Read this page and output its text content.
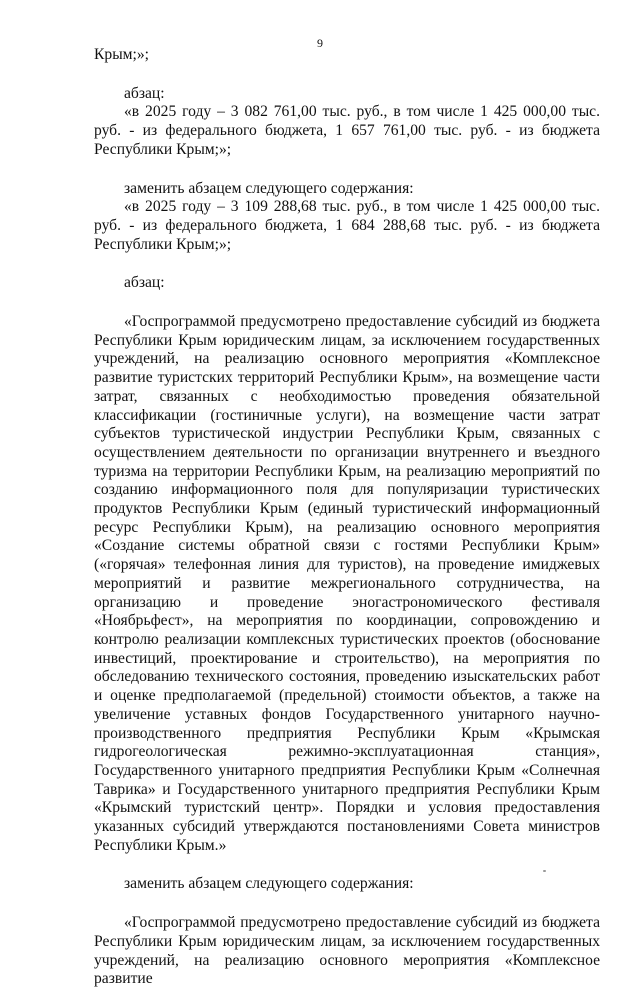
9

Крым;»;

абзац:

«в 2025 году – 3 082 761,00 тыс. руб., в том числе 1 425 000,00 тыс. руб. - из федерального бюджета, 1 657 761,00 тыс. руб. - из бюджета Республики Крым;»;

заменить абзацем следующего содержания:

«в 2025 году – 3 109 288,68 тыс. руб., в том числе 1 425 000,00 тыс. руб. - из федерального бюджета, 1 684 288,68 тыс. руб. - из бюджета Республики Крым;»;

абзац:

«Госпрограммой предусмотрено предоставление субсидий из бюджета Республики Крым юридическим лицам, за исключением государственных учреждений, на реализацию основного мероприятия «Комплексное развитие туристских территорий Республики Крым», на возмещение части затрат, связанных с необходимостью проведения обязательной классификации (гостиничные услуги), на возмещение части затрат субъектов туристической индустрии Республики Крым, связанных с осуществлением деятельности по организации внутреннего и въездного туризма на территории Республики Крым, на реализацию мероприятий по созданию информационного поля для популяризации туристических продуктов Республики Крым (единый туристический информационный ресурс Республики Крым), на реализацию основного мероприятия «Создание системы обратной связи с гостями Республики Крым» («горячая» телефонная линия для туристов), на проведение имиджевых мероприятий и развитие межрегионального сотрудничества, на организацию и проведение эногастрономического фестиваля «Ноябрьфест», на мероприятия по координации, сопровождению и контролю реализации комплексных туристических проектов (обоснование инвестиций, проектирование и строительство), на мероприятия по обследованию технического состояния, проведению изыскательских работ и оценке предполагаемой (предельной) стоимости объектов, а также на увеличение уставных фондов Государственного унитарного научно-производственного предприятия Республики Крым «Крымская гидрогеологическая режимно-эксплуатационная станция», Государственного унитарного предприятия Республики Крым «Солнечная Таврика» и Государственного унитарного предприятия Республики Крым «Крымский туристский центр». Порядки и условия предоставления указанных субсидий утверждаются постановлениями Совета министров Республики Крым.»

заменить абзацем следующего содержания:

«Госпрограммой предусмотрено предоставление субсидий из бюджета Республики Крым юридическим лицам, за исключением государственных учреждений, на реализацию основного мероприятия «Комплексное развитие
